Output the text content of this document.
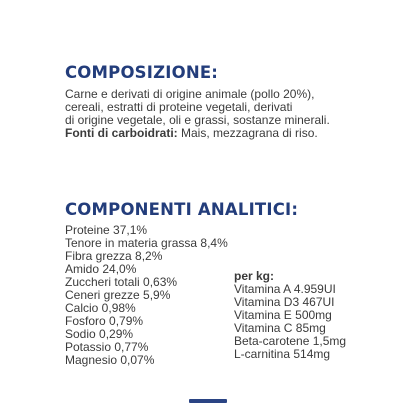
COMPOSIZIONE:
Carne e derivati di origine animale (pollo 20%),
cereali, estratti di proteine vegetali, derivati
di origine vegetale, oli e grassi, sostanze minerali.
Fonti di carboidrati: Mais, mezzagrana di riso.
COMPONENTI ANALITICI:
Proteine 37,1%
Tenore in materia grassa 8,4%
Fibra grezza 8,2%
Amido 24,0%
Zuccheri totali 0,63%
Ceneri grezze 5,9%
Calcio 0,98%
Fosforo 0,79%
Sodio 0,29%
Potassio 0,77%
Magnesio 0,07%
per kg:
Vitamina A 4.959UI
Vitamina D3 467UI
Vitamina E 500mg
Vitamina C 85mg
Beta-carotene 1,5mg
L-carnitina 514mg
